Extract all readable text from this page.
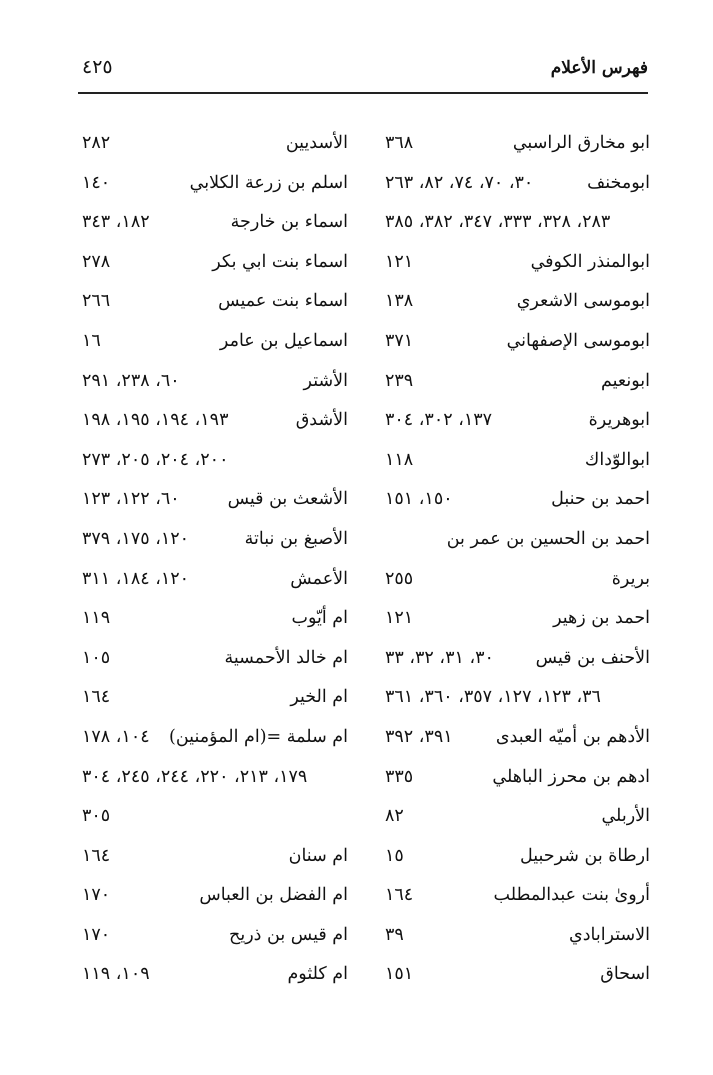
فهرس الأعلام
٤٢٥
ابو مخارق الراسبي
٣٦٨
ابومخنف
٣٠، ٧٠، ٧٤، ٨٢، ٢٦٣
٢٨٣، ٣٢٨، ٣٣٣، ٣٤٧، ٣٨٢، ٣٨٥
ابوالمنذر الكوفي
١٢١
ابوموسى الاشعري
١٣٨
ابوموسى الإصفهاني
٣٧١
ابونعيم
٢٣٩
ابوهريرة
١٣٧، ٣٠٢، ٣٠٤
ابوالوّداك
١١٨
احمد بن حنبل
١٥٠، ١٥١
احمد بن الحسين بن عمر بن
بريرة
٢٥٥
احمد بن زهير
١٢١
الأحنف بن قيس
٣٠، ٣١، ٣٢، ٣٣
٣٦، ١٢٣، ١٢٧، ٣٥٧، ٣٦٠، ٣٦١
الأدهم بن أميّه العبدى
٣٩١، ٣٩٢
ادهم بن محرز الباهلي
٣٣٥
الأربلي
٨٢
ارطاة بن شرحبيل
١٥
أروىٰ بنت عبدالمطلب
١٦٤
الاسترابادي
٣٩
اسحاق
١٥١
الأسديين
٢٨٢
اسلم بن زرعة الكلابي
١٤٠
اسماء بن خارجة
١٨٢، ٣٤٣
اسماء بنت ابي بكر
٢٧٨
اسماء بنت عميس
٢٦٦
اسماعيل بن عامر
١٦
الأشتر
٦٠، ٢٣٨، ٢٩١
الأشدق
١٩٣، ١٩٤، ١٩٥، ١٩٨
٢٠٠، ٢٠٤، ٢٠٥، ٢٧٣
الأشعث بن قيس
٦٠، ١٢٢، ١٢٣
الأصبغ بن نباتة
١٢٠، ١٧٥، ٣٧٩
الأعمش
١٢٠، ١٨٤، ٣١١
ام أيّوب
١١٩
ام خالد الأحمسية
١٠٥
ام الخير
١٦٤
ام سلمة =(ام المؤمنين)
١٠٤، ١٧٨
١٧٩، ٢١٣، ٢٢٠، ٢٤٤، ٢٤٥، ٣٠٤
٣٠٥
ام سنان
١٦٤
ام الفضل بن العباس
١٧٠
ام قيس بن ذريح
١٧٠
ام كلثوم
١٠٩، ١١٩
